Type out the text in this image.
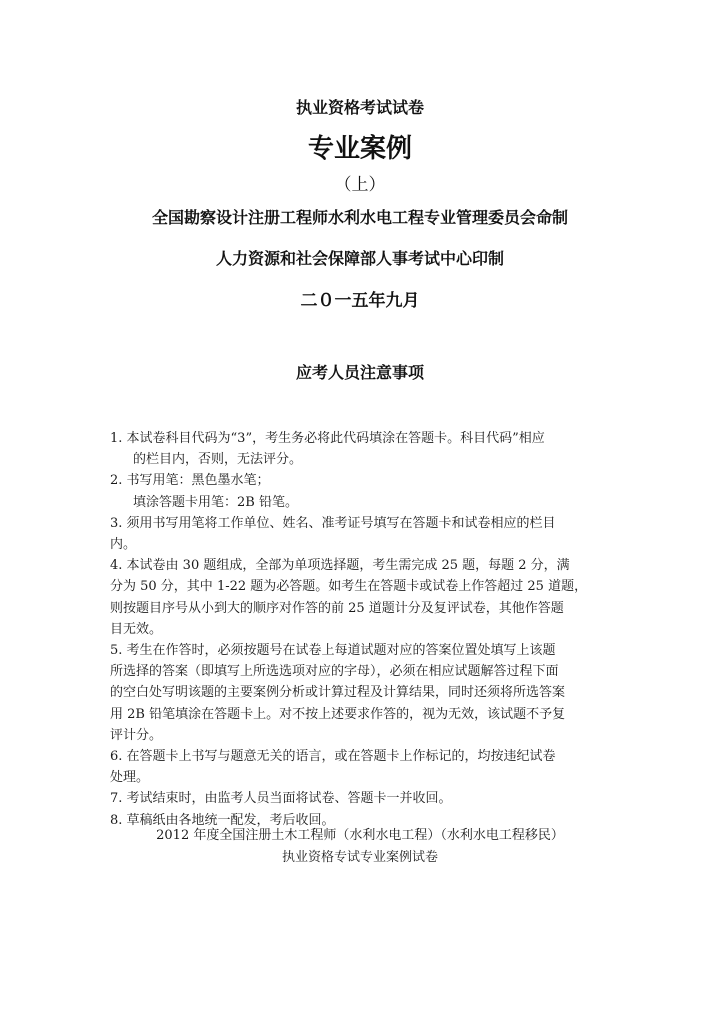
执业资格考试试卷
专业案例
（上）
全国勘察设计注册工程师水利水电工程专业管理委员会命制
人力资源和社会保障部人事考试中心印制
二０一五年九月
应考人员注意事项
1. 本试卷科目代码为“3”，考生务必将此代码填涂在答题卡。科目代码”相应
的栏目内，否则，无法评分。
2. 书写用笔：黑色墨水笔；
填涂答题卡用笔：2B 铅笔。
3. 须用书写用笔将工作单位、姓名、准考证号填写在答题卡和试卷相应的栏目
内。
4. 本试卷由 30 题组成，全部为单项选择题，考生需完成 25 题，每题 2 分，满
分为 50 分，其中 1-22 题为必答题。如考生在答题卡或试卷上作答超过 25 道题，
则按题目序号从小到大的顺序对作答的前 25 道题计分及复评试卷，其他作答题
目无效。
5. 考生在作答时，必须按题号在试卷上每道试题对应的答案位置处填写上该题
所选择的答案（即填写上所选选项对应的字母），必须在相应试题解答过程下面
的空白处写明该题的主要案例分析或计算过程及计算结果，同时还须将所选答案
用 2B 铅笔填涂在答题卡上。对不按上述要求作答的，视为无效，该试题不予复
评计分。
6. 在答题卡上书写与题意无关的语言，或在答题卡上作标记的，均按违纪试卷
处理。
7. 考试结束时，由监考人员当面将试卷、答题卡一并收回。
8. 草稿纸由各地统一配发，考后收回。
2012 年度全国注册土木工程师（水利水电工程）（水利水电工程移民）
执业资格专试专业案例试卷
